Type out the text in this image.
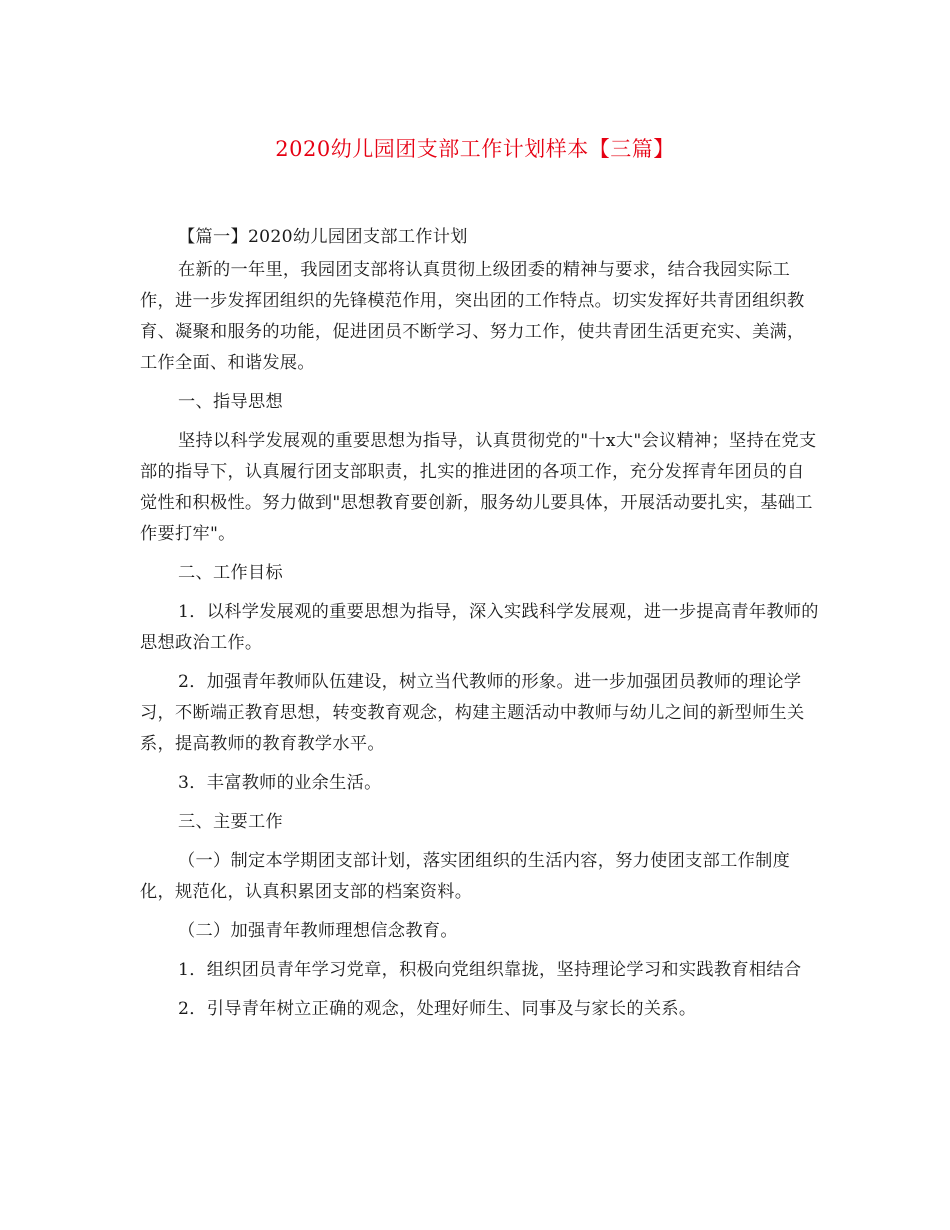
2020幼儿园团支部工作计划样本【三篇】

【篇一】2020幼儿园团支部工作计划

在新的一年里，我园团支部将认真贯彻上级团委的精神与要求，结合我园实际工作，进一步发挥团组织的先锋模范作用，突出团的工作特点。切实发挥好共青团组织教育、凝聚和服务的功能，促进团员不断学习、努力工作，使共青团生活更充实、美满，工作全面、和谐发展。

一、指导思想

坚持以科学发展观的重要思想为指导，认真贯彻党的"十x大"会议精神；坚持在党支部的指导下，认真履行团支部职责，扎实的推进团的各项工作，充分发挥青年团员的自觉性和积极性。努力做到"思想教育要创新，服务幼儿要具体，开展活动要扎实，基础工作要打牢"。

二、工作目标

1．以科学发展观的重要思想为指导，深入实践科学发展观，进一步提高青年教师的思想政治工作。

2．加强青年教师队伍建设，树立当代教师的形象。进一步加强团员教师的理论学习，不断端正教育思想，转变教育观念，构建主题活动中教师与幼儿之间的新型师生关系，提高教师的教育教学水平。

3．丰富教师的业余生活。

三、主要工作

（一）制定本学期团支部计划，落实团组织的生活内容，努力使团支部工作制度化，规范化，认真积累团支部的档案资料。

（二）加强青年教师理想信念教育。

1．组织团员青年学习党章，积极向党组织靠拢，坚持理论学习和实践教育相结合

2．引导青年树立正确的观念，处理好师生、同事及与家长的关系。
